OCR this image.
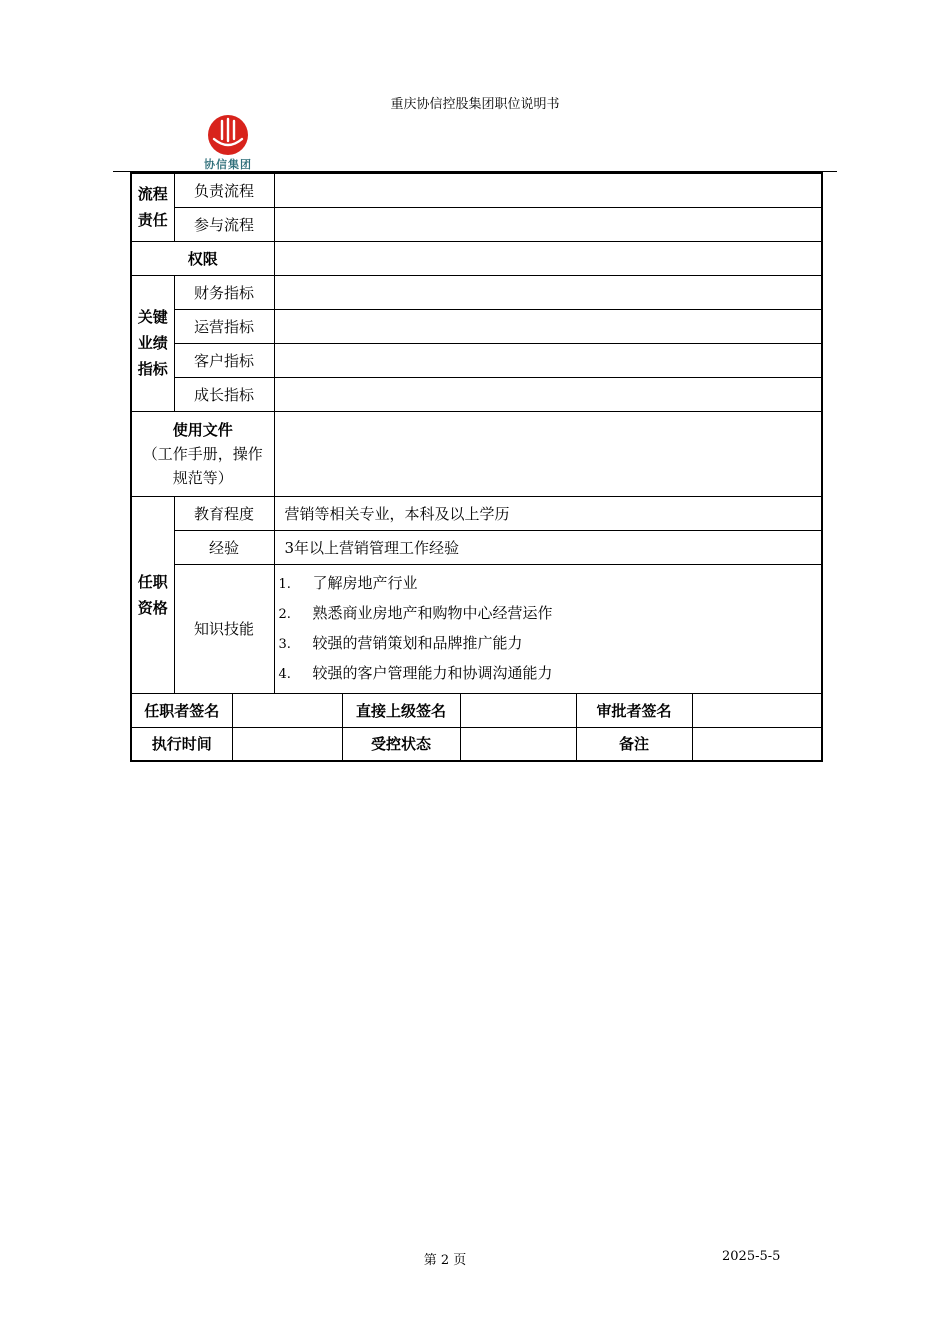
重庆协信控股集团职位说明书
协信集团
流程
责任	负责流程						
	参与流程						
权限							
关键
业绩
指标	财务指标						
	运营指标						
	客户指标						
	成长指标						

使用文件
（工作手册，操作规范等）							

任职
资格	教育程度		营销等相关专业，本科及以上学历				
	经验		3年以上营销管理工作经验				
	知识技能		1. 了解房地产行业
2. 熟悉商业房地产和购物中心经营运作
3. 较强的营销策划和品牌推广能力
4. 较强的客户管理能力和协调沟通能力				

任职者签名				直接上级签名		审批者签名	
执行时间				受控状态		备注	
第 2 页	2025-5-5
